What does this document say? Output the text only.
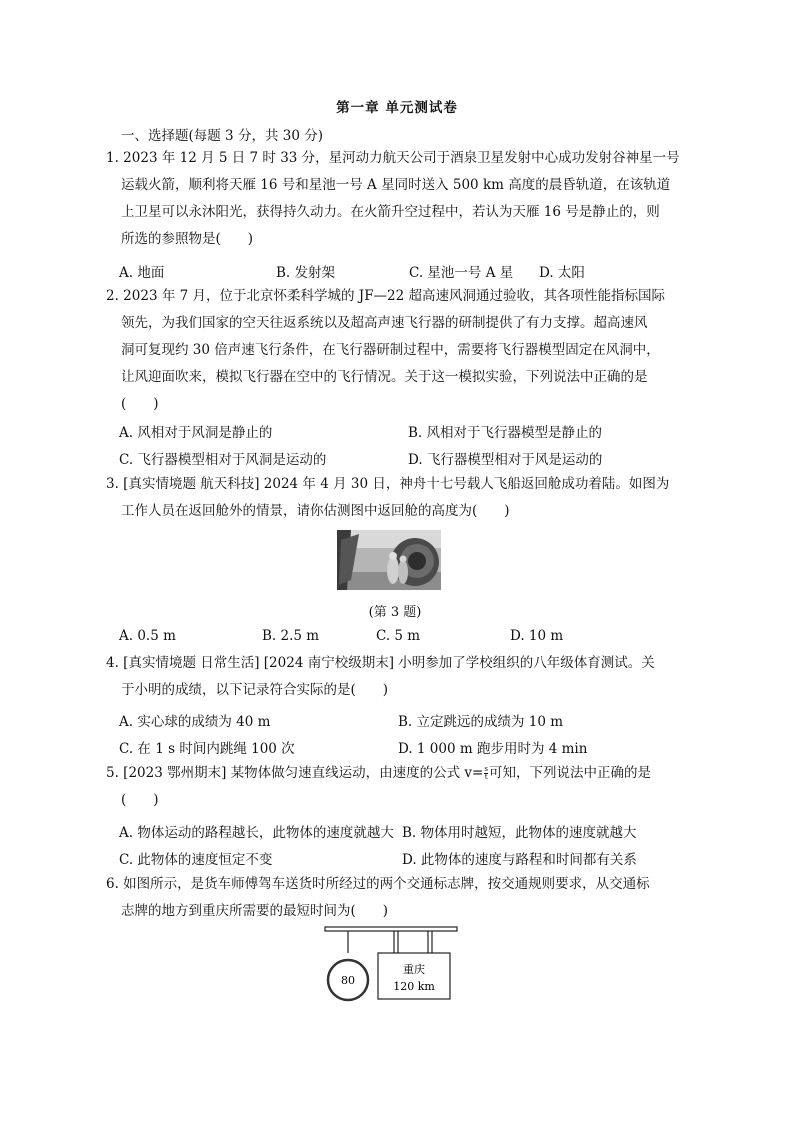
第一章 单元测试卷
一、选择题(每题 3 分，共 30 分)
1. 2023 年 12 月 5 日 7 时 33 分，星河动力航天公司于酒泉卫星发射中心成功发射谷神星一号
运载火箭，顺利将天雁 16 号和星池一号 A 星同时送入 500 km 高度的晨昏轨道，在该轨道
上卫星可以永沐阳光，获得持久动力。在火箭升空过程中，若认为天雁 16 号是静止的，则
所选的参照物是(　　)
A. 地面	B. 发射架	C. 星池一号 A 星 D. 太阳
2. 2023 年 7 月，位于北京怀柔科学城的 JF—22 超高速风洞通过验收，其各项性能指标国际
领先，为我们国家的空天往返系统以及超高声速飞行器的研制提供了有力支撑。超高速风
洞可复现约 30 倍声速飞行条件，在飞行器研制过程中，需要将飞行器模型固定在风洞中，
让风迎面吹来，模拟飞行器在空中的飞行情况。关于这一模拟实验，下列说法中正确的是
(　　)
A. 风相对于风洞是静止的	B. 风相对于飞行器模型是静止的
C. 飞行器模型相对于风洞是运动的	D. 飞行器模型相对于风是运动的
3. [真实情境题 航天科技] 2024 年 4 月 30 日，神舟十七号载人飞船返回舱成功着陆。如图为
工作人员在返回舱外的情景，请你估测图中返回舱的高度为(　　)
(第 3 题)
A. 0.5 m	B. 2.5 m	C. 5 m	D. 10 m
4. [真实情境题 日常生活] [2024 南宁校级期末] 小明参加了学校组织的八年级体育测试。关
于小明的成绩，以下记录符合实际的是(　　)
A. 实心球的成绩为 40 m	B. 立定跳远的成绩为 10 m
C. 在 1 s 时间内跳绳 100 次	D. 1 000 m 跑步用时为 4 min
5. [2023 鄂州期末] 某物体做匀速直线运动，由速度的公式 $v= \frac{s}{t}$ 可知，下列说法中正确的是
(　　)
A. 物体运动的路程越长，此物体的速度就越大 B. 物体用时越短，此物体的速度就越大
C. 此物体的速度恒定不变	D. 此物体的速度与路程和时间都有关系
6. 如图所示，是货车师傅驾车送货时所经过的两个交通标志牌，按交通规则要求，从交通标
志牌的地方到重庆所需要的最短时间为(　　)
80
重庆
120 km
